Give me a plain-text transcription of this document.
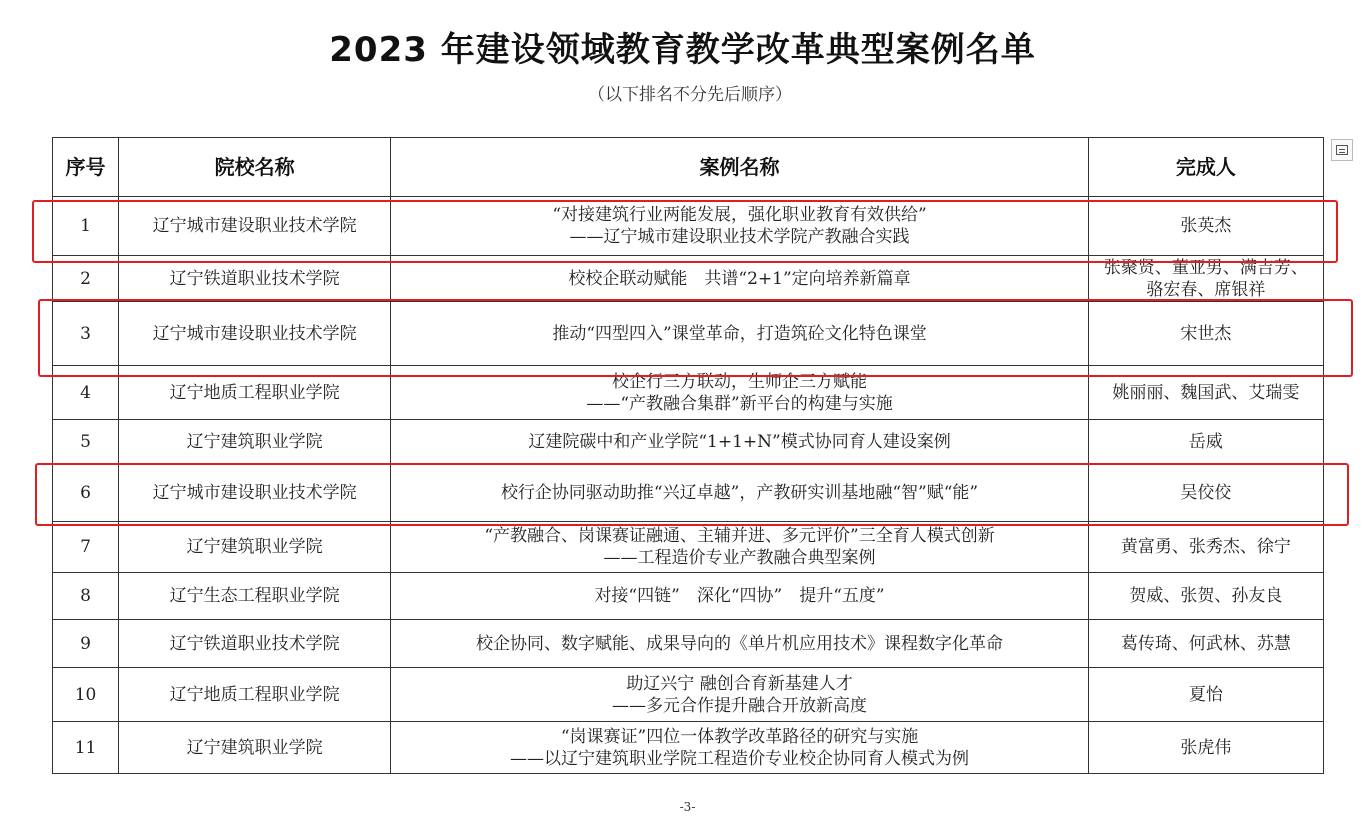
2023 年建设领域教育教学改革典型案例名单
（以下排名不分先后顺序）
序号	院校名称	案例名称	完成人
1	辽宁城市建设职业技术学院	“对接建筑行业两能发展，强化职业教育有效供给”
——辽宁城市建设职业技术学院产教融合实践	张英杰

2	辽宁铁道职业技术学院	校校企联动赋能　共谱“2+1”定向培养新篇章	张聚贤、董亚男、满吉芳、
骆宏春、席银祥

3	辽宁城市建设职业技术学院	推动“四型四入”课堂革命，打造筑砼文化特色课堂	宋世杰

4	辽宁地质工程职业学院	校企行三方联动，生师企三方赋能
——“产教融合集群”新平台的构建与实施	姚丽丽、魏国武、艾瑞雯

5	辽宁建筑职业学院	辽建院碳中和产业学院“1+1+N”模式协同育人建设案例	岳威

6	辽宁城市建设职业技术学院	校行企协同驱动助推“兴辽卓越”，产教研实训基地融“智”赋“能”	吴佼佼

7	辽宁建筑职业学院	“产教融合、岗课赛证融通、主辅并进、多元评价”三全育人模式创新
——工程造价专业产教融合典型案例	黄富勇、张秀杰、徐宁

8	辽宁生态工程职业学院	对接“四链”　深化“四协”　提升“五度”	贺威、张贺、孙友良

9	辽宁铁道职业技术学院	校企协同、数字赋能、成果导向的《单片机应用技术》课程数字化革命	葛传琦、何武林、苏慧

10	辽宁地质工程职业学院	助辽兴宁 融创合育新基建人才
——多元合作提升融合开放新高度	夏怡

11	辽宁建筑职业学院	“岗课赛证”四位一体教学改革路径的研究与实施
——以辽宁建筑职业学院工程造价专业校企协同育人模式为例	张虎伟
-3-
